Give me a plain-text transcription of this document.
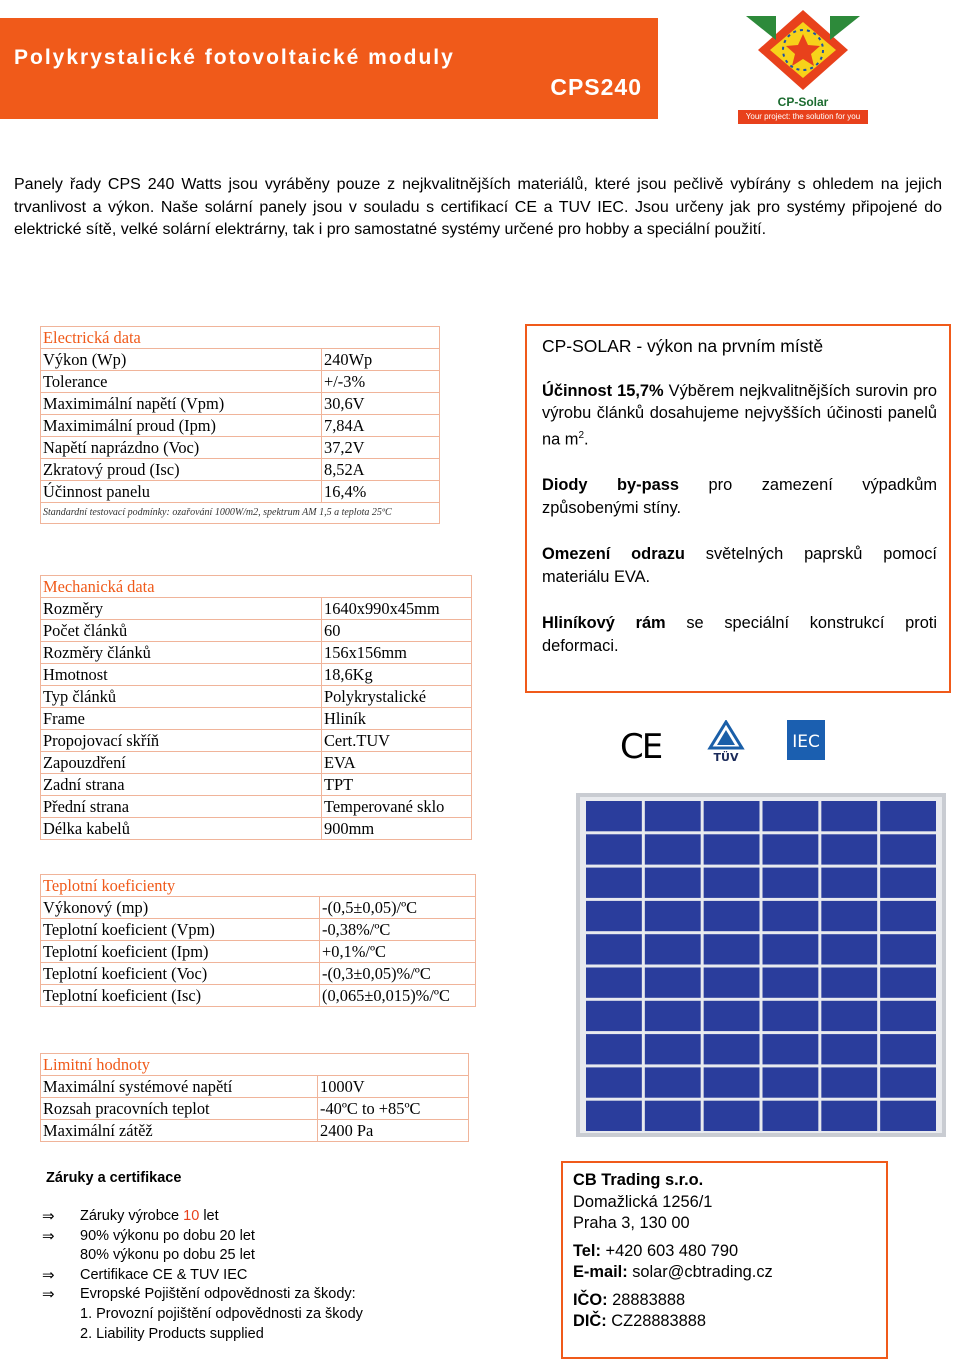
Polykrystalické fotovoltaické moduly
CPS240
CP-Solar
Your project: the solution for you
Panely řady CPS 240 Watts jsou vyráběny pouze z nejkvalitnějších materiálů, které jsou pečlivě vybírány s ohledem na jejich trvanlivost a výkon. Naše solární panely jsou v souladu s certifikací CE a TUV IEC. Jsou určeny jak pro systémy připojené do elektrické sítě, velké solární elektrárny, tak i pro samostatné systémy určené pro hobby a speciální použití.
Electrická data	
Výkon (Wp)	240Wp
Tolerance	+/-3%
Maximimální napětí (Vpm)	30,6V
Maximimální proud (Ipm)	7,84A
Napětí naprázdno (Voc)	37,2V
Zkratový proud (Isc)	8,52A
Účinnost panelu	16,4%
Standardní testovací podmínky: ozařování 1000W/m2, spektrum AM 1,5 a teplota 25ºC	
Mechanická data	
Rozměry	1640x990x45mm
Počet článků	60
Rozměry článků	156x156mm
Hmotnost	18,6Kg
Typ článků	Polykrystalické
Frame	Hliník
Propojovací skříň	Cert.TUV
Zapouzdření	EVA
Zadní strana	TPT
Přední strana	Temperované sklo
Délka kabelů	900mm
Teplotní koeficienty	
Výkonový (mp)	-(0,5±0,05)/ºC
Teplotní koeficient (Vpm)	-0,38%/ºC
Teplotní koeficient (Ipm)	+0,1%/ºC
Teplotní koeficient (Voc)	-(0,3±0,05)%/ºC
Teplotní koeficient (Isc)	(0,065±0,015)%/ºC
Limitní hodnoty	
Maximální systémové napětí	1000V
Rozsah pracovních teplot	-40ºC to +85ºC
Maximální zátěž	2400 Pa

CP-SOLAR - výkon na prvním místě

Účinnost 15,7% Výběrem nejkvalitnějších surovin pro výrobu článků dosahujeme nejvyšších účinosti panelů na $m^2$.

Diody by-pass pro zamezení výpadkům způsobenými stíny.

Omezení odrazu světelných paprsků pomocí materiálu EVA.

Hliníkový rám se speciální konstrukcí proti deformaci.

CE	TÜV
IEC
Záruky a certifikace
⇒ Záruky výrobce 10 let
⇒ 90% výkonu po dobu 20 let
80% výkonu po dobu 25 let
⇒ Certifikace CE & TUV IEC
⇒ Evropské Pojištění odpovědnosti za škody:
1. Provozní pojištění odpovědnosti za škody
2. Liability Products supplied
CB Trading s.r.o.
Domažlická 1256/1
Praha 3, 130 00
Tel: +420 603 480 790
E-mail: solar@cbtrading.cz
IČO: 28883888
DIČ: CZ28883888
